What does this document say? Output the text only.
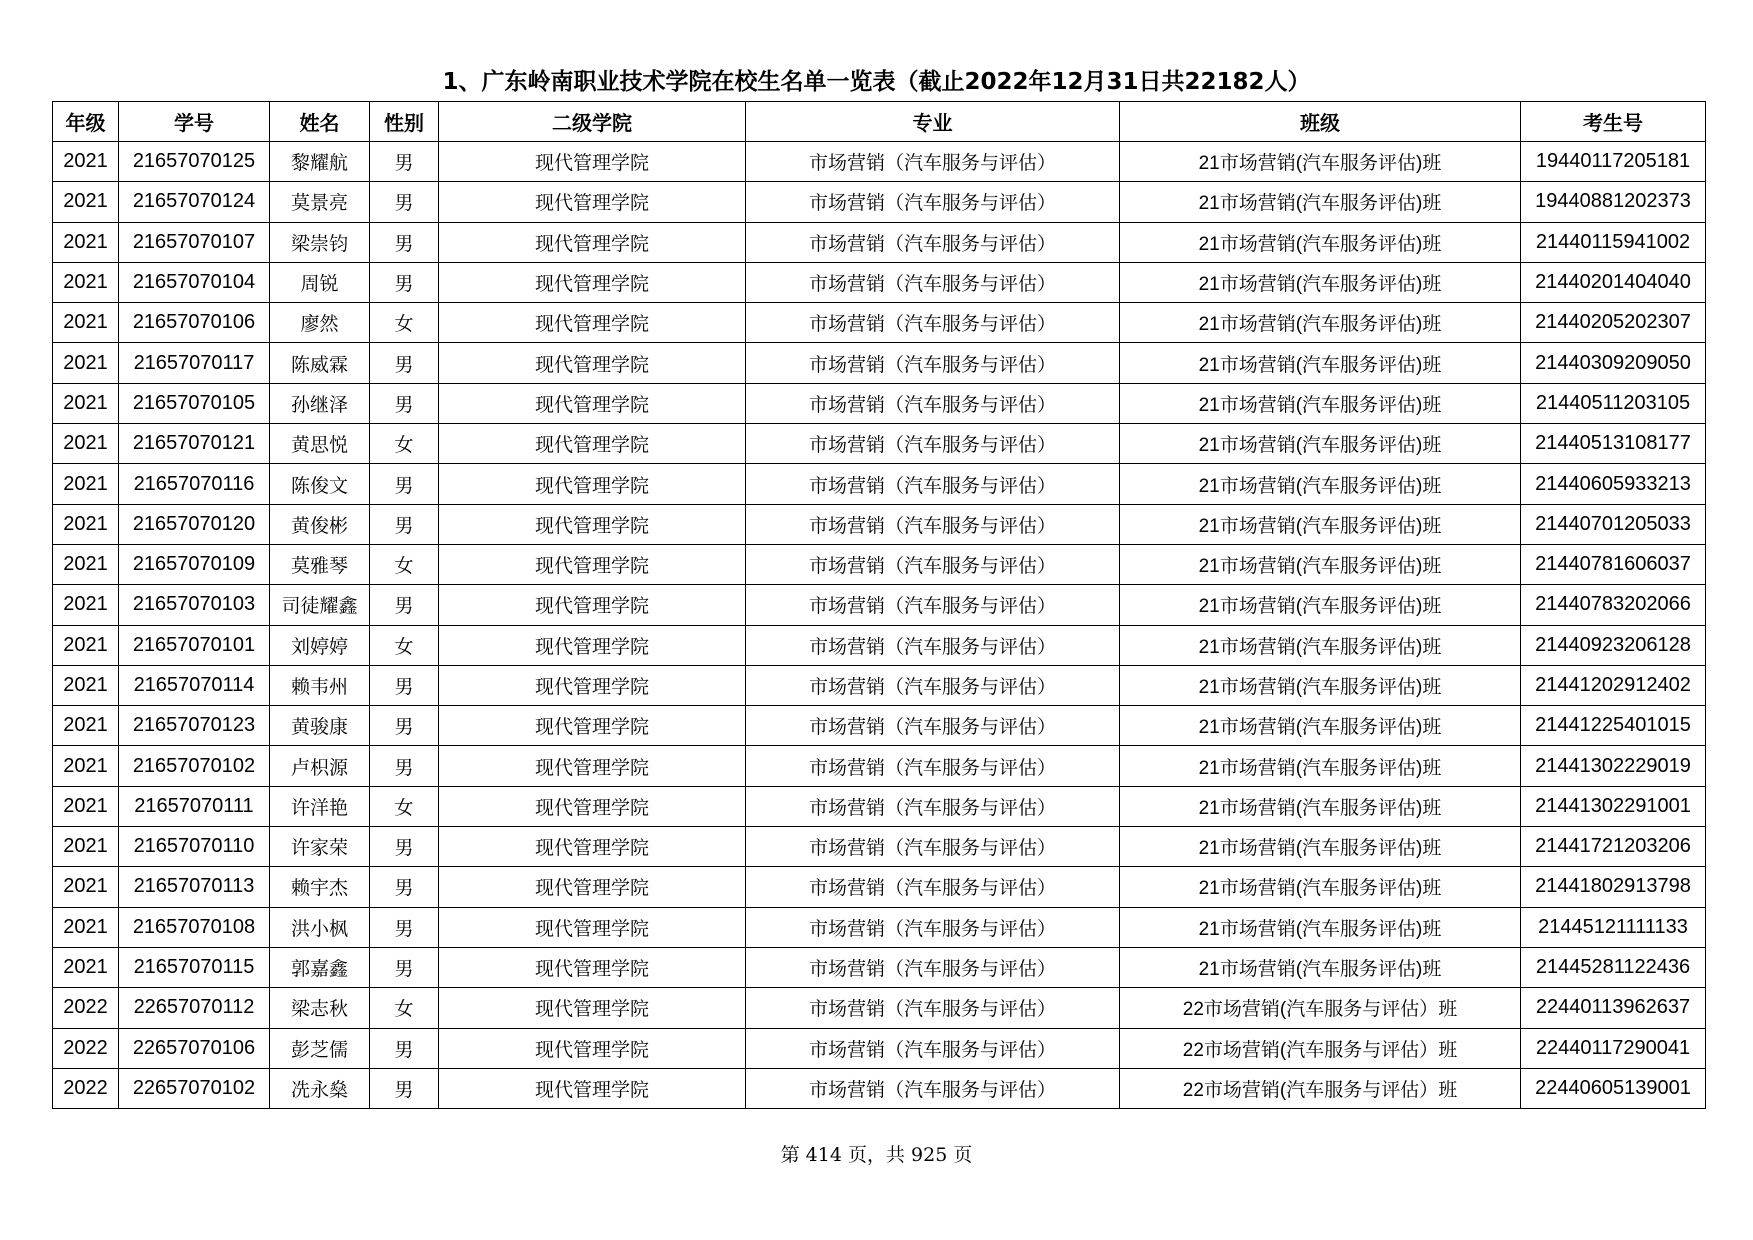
1、广东岭南职业技术学院在校生名单一览表（截止2022年12月31日共22182人）
年级	学号	姓名	性别	二级学院	专业	班级	考生号
2021	21657070125	黎耀航	男	现代管理学院	市场营销（汽车服务与评估）	21市场营销(汽车服务评估)班	19440117205181
2021	21657070124	莫景亮	男	现代管理学院	市场营销（汽车服务与评估）	21市场营销(汽车服务评估)班	19440881202373
2021	21657070107	梁崇钧	男	现代管理学院	市场营销（汽车服务与评估）	21市场营销(汽车服务评估)班	21440115941002
2021	21657070104	周锐	男	现代管理学院	市场营销（汽车服务与评估）	21市场营销(汽车服务评估)班	21440201404040
2021	21657070106	廖然	女	现代管理学院	市场营销（汽车服务与评估）	21市场营销(汽车服务评估)班	21440205202307
2021	21657070117	陈威霖	男	现代管理学院	市场营销（汽车服务与评估）	21市场营销(汽车服务评估)班	21440309209050
2021	21657070105	孙继泽	男	现代管理学院	市场营销（汽车服务与评估）	21市场营销(汽车服务评估)班	21440511203105
2021	21657070121	黄思悦	女	现代管理学院	市场营销（汽车服务与评估）	21市场营销(汽车服务评估)班	21440513108177
2021	21657070116	陈俊文	男	现代管理学院	市场营销（汽车服务与评估）	21市场营销(汽车服务评估)班	21440605933213
2021	21657070120	黄俊彬	男	现代管理学院	市场营销（汽车服务与评估）	21市场营销(汽车服务评估)班	21440701205033
2021	21657070109	莫雅琴	女	现代管理学院	市场营销（汽车服务与评估）	21市场营销(汽车服务评估)班	21440781606037
2021	21657070103	司徒耀鑫	男	现代管理学院	市场营销（汽车服务与评估）	21市场营销(汽车服务评估)班	21440783202066
2021	21657070101	刘婷婷	女	现代管理学院	市场营销（汽车服务与评估）	21市场营销(汽车服务评估)班	21440923206128
2021	21657070114	赖韦州	男	现代管理学院	市场营销（汽车服务与评估）	21市场营销(汽车服务评估)班	21441202912402
2021	21657070123	黄骏康	男	现代管理学院	市场营销（汽车服务与评估）	21市场营销(汽车服务评估)班	21441225401015
2021	21657070102	卢枳源	男	现代管理学院	市场营销（汽车服务与评估）	21市场营销(汽车服务评估)班	21441302229019
2021	21657070111	许洋艳	女	现代管理学院	市场营销（汽车服务与评估）	21市场营销(汽车服务评估)班	21441302291001
2021	21657070110	许家荣	男	现代管理学院	市场营销（汽车服务与评估）	21市场营销(汽车服务评估)班	21441721203206
2021	21657070113	赖宇杰	男	现代管理学院	市场营销（汽车服务与评估）	21市场营销(汽车服务评估)班	21441802913798
2021	21657070108	洪小枫	男	现代管理学院	市场营销（汽车服务与评估）	21市场营销(汽车服务评估)班	21445121111133
2021	21657070115	郭嘉鑫	男	现代管理学院	市场营销（汽车服务与评估）	21市场营销(汽车服务评估)班	21445281122436
2022	22657070112	梁志秋	女	现代管理学院	市场营销（汽车服务与评估）	22市场营销(汽车服务与评估）班	22440113962637
2022	22657070106	彭芝儒	男	现代管理学院	市场营销（汽车服务与评估）	22市场营销(汽车服务与评估）班	22440117290041
2022	22657070102	冼永燊	男	现代管理学院	市场营销（汽车服务与评估）	22市场营销(汽车服务与评估）班	22440605139001
第 414 页，共 925 页
